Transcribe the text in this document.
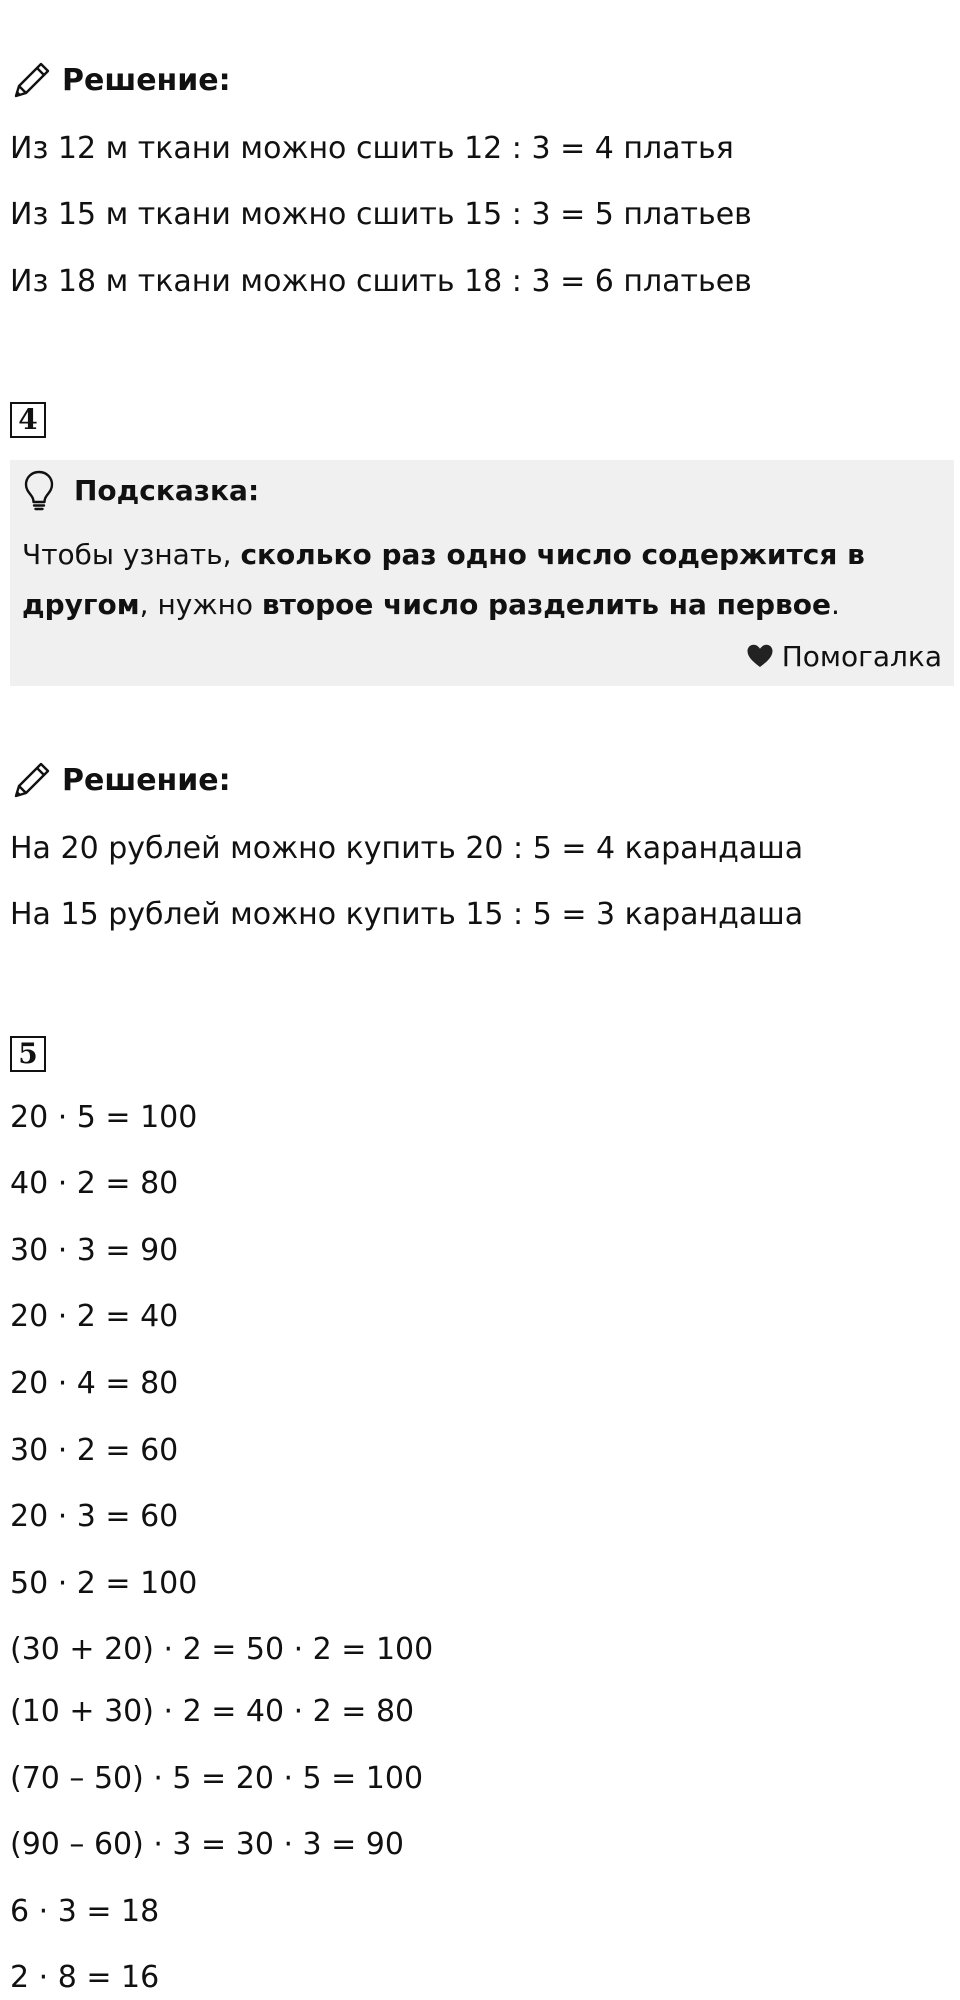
Решение:
Из 12 м ткани можно сшить 12 : 3 = 4 платья
Из 15 м ткани можно сшить 15 : 3 = 5 платьев
Из 18 м ткани можно сшить 18 : 3 = 6 платьев
4
Подсказка:
Чтобы узнать, сколько раз одно число содержится в другом, нужно второе число разделить на первое.
Помогалка
Решение:
На 20 рублей можно купить 20 : 5 = 4 карандаша
На 15 рублей можно купить 15 : 5 = 3 карандаша
5
20 · 5 = 100
40 · 2 = 80
30 · 3 = 90
20 · 2 = 40
20 · 4 = 80
30 · 2 = 60
20 · 3 = 60
50 · 2 = 100
(30 + 20) · 2 = 50 · 2 = 100
(10 + 30) · 2 = 40 · 2 = 80
(70 – 50) · 5 = 20 · 5 = 100
(90 – 60) · 3 = 30 · 3 = 90
6 · 3 = 18
2 · 8 = 16
